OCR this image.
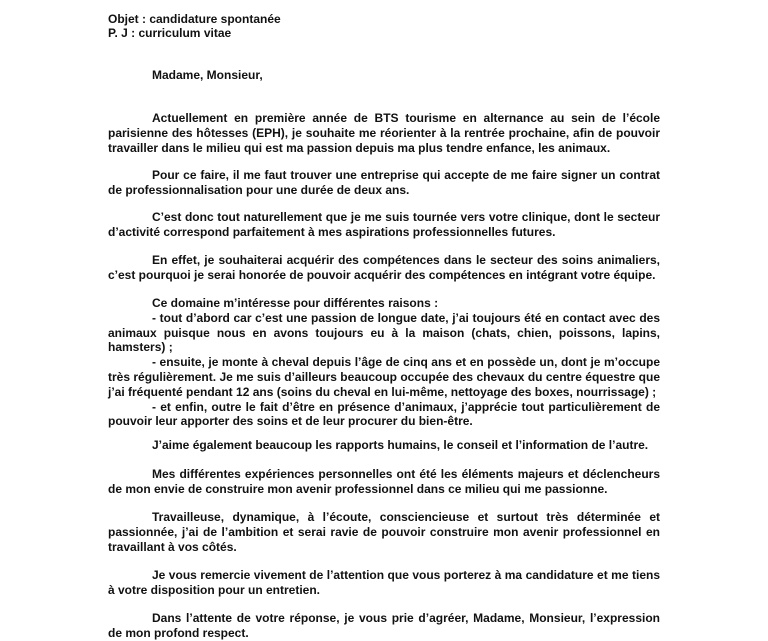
Objet : candidature spontanée
P. J : curriculum vitae
Madame, Monsieur,

Actuellement en première année de BTS tourisme en alternance au sein de l’école parisienne des hôtesses (EPH), je souhaite me réorienter à la rentrée prochaine, afin de pouvoir travailler dans le milieu qui est ma passion depuis ma plus tendre enfance, les animaux.

Pour ce faire, il me faut trouver une entreprise qui accepte de me faire signer un contrat de professionnalisation pour une durée de deux ans.

C’est donc tout naturellement que je me suis tournée vers votre clinique, dont le secteur d’activité correspond parfaitement à mes aspirations professionnelles futures.

En effet, je souhaiterai acquérir des compétences dans le secteur des soins animaliers, c’est pourquoi je serai honorée de pouvoir acquérir des compétences en intégrant votre équipe.

Ce domaine m’intéresse pour différentes raisons :

- tout d’abord car c’est une passion de longue date, j’ai toujours été en contact avec des animaux puisque nous en avons toujours eu à la maison (chats, chien, poissons, lapins, hamsters) ;

- ensuite, je monte à cheval depuis l’âge de cinq ans et en possède un, dont je m’occupe très régulièrement. Je me suis d’ailleurs beaucoup occupée des chevaux du centre équestre que j’ai fréquenté pendant 12 ans (soins du cheval en lui-même, nettoyage des boxes, nourrissage) ;

- et enfin, outre le fait d’être en présence d’animaux, j’apprécie tout particulièrement de pouvoir leur apporter des soins et de leur procurer du bien-être.

J’aime également beaucoup les rapports humains, le conseil et l’information de l’autre.

Mes différentes expériences personnelles ont été les éléments majeurs et déclencheurs de mon envie de construire mon avenir professionnel dans ce milieu qui me passionne.

Travailleuse, dynamique, à l’écoute, consciencieuse et surtout très déterminée et passionnée, j’ai de l’ambition et serai ravie de pouvoir construire mon avenir professionnel en travaillant à vos côtés.

Je vous remercie vivement de l’attention que vous porterez à ma candidature et me tiens à votre disposition pour un entretien.

Dans l’attente de votre réponse, je vous prie d’agréer, Madame, Monsieur, l’expression de mon profond respect.
